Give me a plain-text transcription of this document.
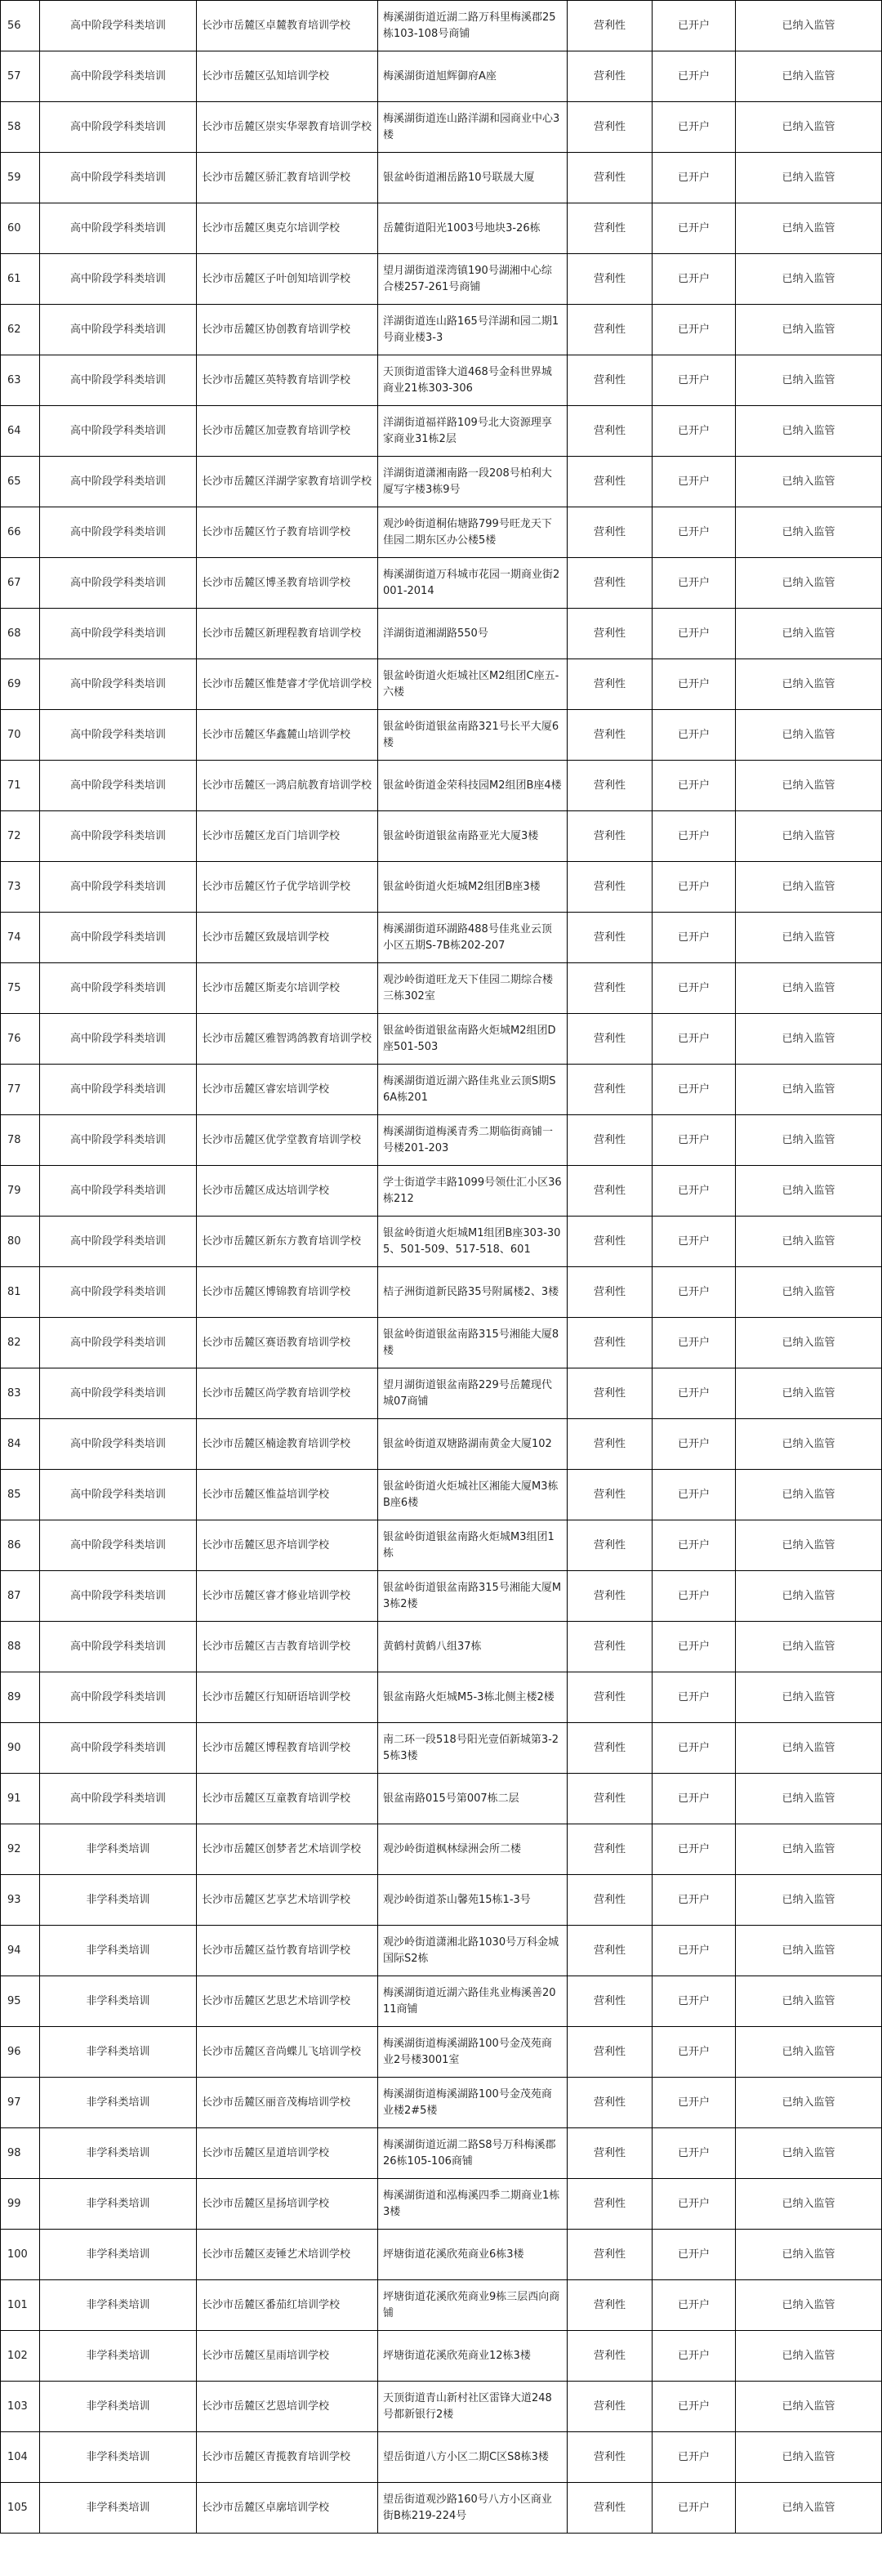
56	高中阶段学科类培训	长沙市岳麓区卓麓教育培训学校	梅溪湖街道近湖二路万科里梅溪郡25栋103-108号商铺	营利性	已开户	已纳入监管
57	高中阶段学科类培训	长沙市岳麓区弘知培训学校	梅溪湖街道旭辉御府A座	营利性	已开户	已纳入监管
58	高中阶段学科类培训	长沙市岳麓区崇实华翠教育培训学校	梅溪湖街道连山路洋湖和园商业中心3楼	营利性	已开户	已纳入监管
59	高中阶段学科类培训	长沙市岳麓区骄汇教育培训学校	银盆岭街道湘岳路10号联晟大厦	营利性	已开户	已纳入监管
60	高中阶段学科类培训	长沙市岳麓区奥克尔培训学校	岳麓街道阳光1003号地块3-26栋	营利性	已开户	已纳入监管
61	高中阶段学科类培训	长沙市岳麓区子叶创知培训学校	望月湖街道溁湾镇190号湖湘中心综合楼257-261号商铺	营利性	已开户	已纳入监管
62	高中阶段学科类培训	长沙市岳麓区协创教育培训学校	洋湖街道连山路165号洋湖和园二期1号商业楼3-3	营利性	已开户	已纳入监管
63	高中阶段学科类培训	长沙市岳麓区英特教育培训学校	天顶街道雷锋大道468号金科世界城商业21栋303-306	营利性	已开户	已纳入监管
64	高中阶段学科类培训	长沙市岳麓区加壹教育培训学校	洋湖街道福祥路109号北大资源理享家商业31栋2层	营利性	已开户	已纳入监管
65	高中阶段学科类培训	长沙市岳麓区洋湖学家教育培训学校	洋湖街道潇湘南路一段208号柏利大厦写字楼3栋9号	营利性	已开户	已纳入监管
66	高中阶段学科类培训	长沙市岳麓区竹子教育培训学校	观沙岭街道桐佑塘路799号旺龙天下佳园二期东区办公楼5楼	营利性	已开户	已纳入监管
67	高中阶段学科类培训	长沙市岳麓区博圣教育培训学校	梅溪湖街道万科城市花园一期商业街2001-2014	营利性	已开户	已纳入监管
68	高中阶段学科类培训	长沙市岳麓区新理程教育培训学校	洋湖街道湘湖路550号	营利性	已开户	已纳入监管
69	高中阶段学科类培训	长沙市岳麓区惟楚睿才学优培训学校	银盆岭街道火炬城社区M2组团C座五-六楼	营利性	已开户	已纳入监管
70	高中阶段学科类培训	长沙市岳麓区华鑫麓山培训学校	银盆岭街道银盆南路321号长平大厦6楼	营利性	已开户	已纳入监管
71	高中阶段学科类培训	长沙市岳麓区一鸿启航教育培训学校	银盆岭街道金荣科技园M2组团B座4楼	营利性	已开户	已纳入监管
72	高中阶段学科类培训	长沙市岳麓区龙百门培训学校	银盆岭街道银盆南路亚光大厦3楼	营利性	已开户	已纳入监管
73	高中阶段学科类培训	长沙市岳麓区竹子优学培训学校	银盆岭街道火炬城M2组团B座3楼	营利性	已开户	已纳入监管
74	高中阶段学科类培训	长沙市岳麓区致晟培训学校	梅溪湖街道环湖路488号佳兆业云顶小区五期S-7B栋202-207	营利性	已开户	已纳入监管
75	高中阶段学科类培训	长沙市岳麓区斯麦尔培训学校	观沙岭街道旺龙天下佳园二期综合楼三栋302室	营利性	已开户	已纳入监管
76	高中阶段学科类培训	长沙市岳麓区雅智鸿鸽教育培训学校	银盆岭街道银盆南路火炬城M2组团D座501-503	营利性	已开户	已纳入监管
77	高中阶段学科类培训	长沙市岳麓区睿宏培训学校	梅溪湖街道近湖六路佳兆业云顶S期S6A栋201	营利性	已开户	已纳入监管
78	高中阶段学科类培训	长沙市岳麓区优学堂教育培训学校	梅溪湖街道梅溪青秀二期临街商铺一号楼201-203	营利性	已开户	已纳入监管
79	高中阶段学科类培训	长沙市岳麓区成达培训学校	学士街道学丰路1099号领仕汇小区36栋212	营利性	已开户	已纳入监管
80	高中阶段学科类培训	长沙市岳麓区新东方教育培训学校	银盆岭街道火炬城M1组团B座303-305、501-509、517-518、601	营利性	已开户	已纳入监管
81	高中阶段学科类培训	长沙市岳麓区博锦教育培训学校	桔子洲街道新民路35号附属楼2、3楼	营利性	已开户	已纳入监管
82	高中阶段学科类培训	长沙市岳麓区赛语教育培训学校	银盆岭街道银盆南路315号湘能大厦8楼	营利性	已开户	已纳入监管
83	高中阶段学科类培训	长沙市岳麓区尚学教育培训学校	望月湖街道银盆南路229号岳麓现代城07商铺	营利性	已开户	已纳入监管
84	高中阶段学科类培训	长沙市岳麓区楠途教育培训学校	银盆岭街道双塘路湖南黄金大厦102	营利性	已开户	已纳入监管
85	高中阶段学科类培训	长沙市岳麓区惟益培训学校	银盆岭街道火炬城社区湘能大厦M3栋B座6楼	营利性	已开户	已纳入监管
86	高中阶段学科类培训	长沙市岳麓区思齐培训学校	银盆岭街道银盆南路火炬城M3组团1栋	营利性	已开户	已纳入监管
87	高中阶段学科类培训	长沙市岳麓区睿才修业培训学校	银盆岭街道银盆南路315号湘能大厦M3栋2楼	营利性	已开户	已纳入监管
88	高中阶段学科类培训	长沙市岳麓区吉吉教育培训学校	黄鹤村黄鹤八组37栋	营利性	已开户	已纳入监管
89	高中阶段学科类培训	长沙市岳麓区行知研语培训学校	银盆南路火炬城M5-3栋北侧主楼2楼	营利性	已开户	已纳入监管
90	高中阶段学科类培训	长沙市岳麓区博程教育培训学校	南二环一段518号阳光壹佰新城第3-25栋3楼	营利性	已开户	已纳入监管
91	高中阶段学科类培训	长沙市岳麓区互童教育培训学校	银盆南路015号第007栋二层	营利性	已开户	已纳入监管
92	非学科类培训	长沙市岳麓区创梦者艺术培训学校	观沙岭街道枫林绿洲会所二楼	营利性	已开户	已纳入监管
93	非学科类培训	长沙市岳麓区艺享艺术培训学校	观沙岭街道茶山馨苑15栋1-3号	营利性	已开户	已纳入监管
94	非学科类培训	长沙市岳麓区益竹教育培训学校	观沙岭街道潇湘北路1030号万科金城国际S2栋	营利性	已开户	已纳入监管
95	非学科类培训	长沙市岳麓区艺思艺术培训学校	梅溪湖街道近湖六路佳兆业梅溪善2011商铺	营利性	已开户	已纳入监管
96	非学科类培训	长沙市岳麓区音尚蝶儿飞培训学校	梅溪湖街道梅溪湖路100号金茂苑商业2号楼3001室	营利性	已开户	已纳入监管
97	非学科类培训	长沙市岳麓区丽音茂梅培训学校	梅溪湖街道梅溪湖路100号金茂苑商业楼2#5楼	营利性	已开户	已纳入监管
98	非学科类培训	长沙市岳麓区星道培训学校	梅溪湖街道近湖二路S8号万科梅溪郡26栋105-106商铺	营利性	已开户	已纳入监管
99	非学科类培训	长沙市岳麓区星扬培训学校	梅溪湖街道和泓梅溪四季二期商业1栋3楼	营利性	已开户	已纳入监管
100	非学科类培训	长沙市岳麓区麦锤艺术培训学校	坪塘街道花溪欣苑商业6栋3楼	营利性	已开户	已纳入监管
101	非学科类培训	长沙市岳麓区番茄红培训学校	坪塘街道花溪欣苑商业9栋三层西向商铺	营利性	已开户	已纳入监管
102	非学科类培训	长沙市岳麓区星雨培训学校	坪塘街道花溪欣苑商业12栋3楼	营利性	已开户	已纳入监管
103	非学科类培训	长沙市岳麓区艺恩培训学校	天顶街道青山新村社区雷锋大道248号都新银行2楼	营利性	已开户	已纳入监管
104	非学科类培训	长沙市岳麓区青揽教育培训学校	望岳街道八方小区二期C区S8栋3楼	营利性	已开户	已纳入监管
105	非学科类培训	长沙市岳麓区卓廓培训学校	望岳街道观沙路160号八方小区商业街B栋219-224号	营利性	已开户	已纳入监管
